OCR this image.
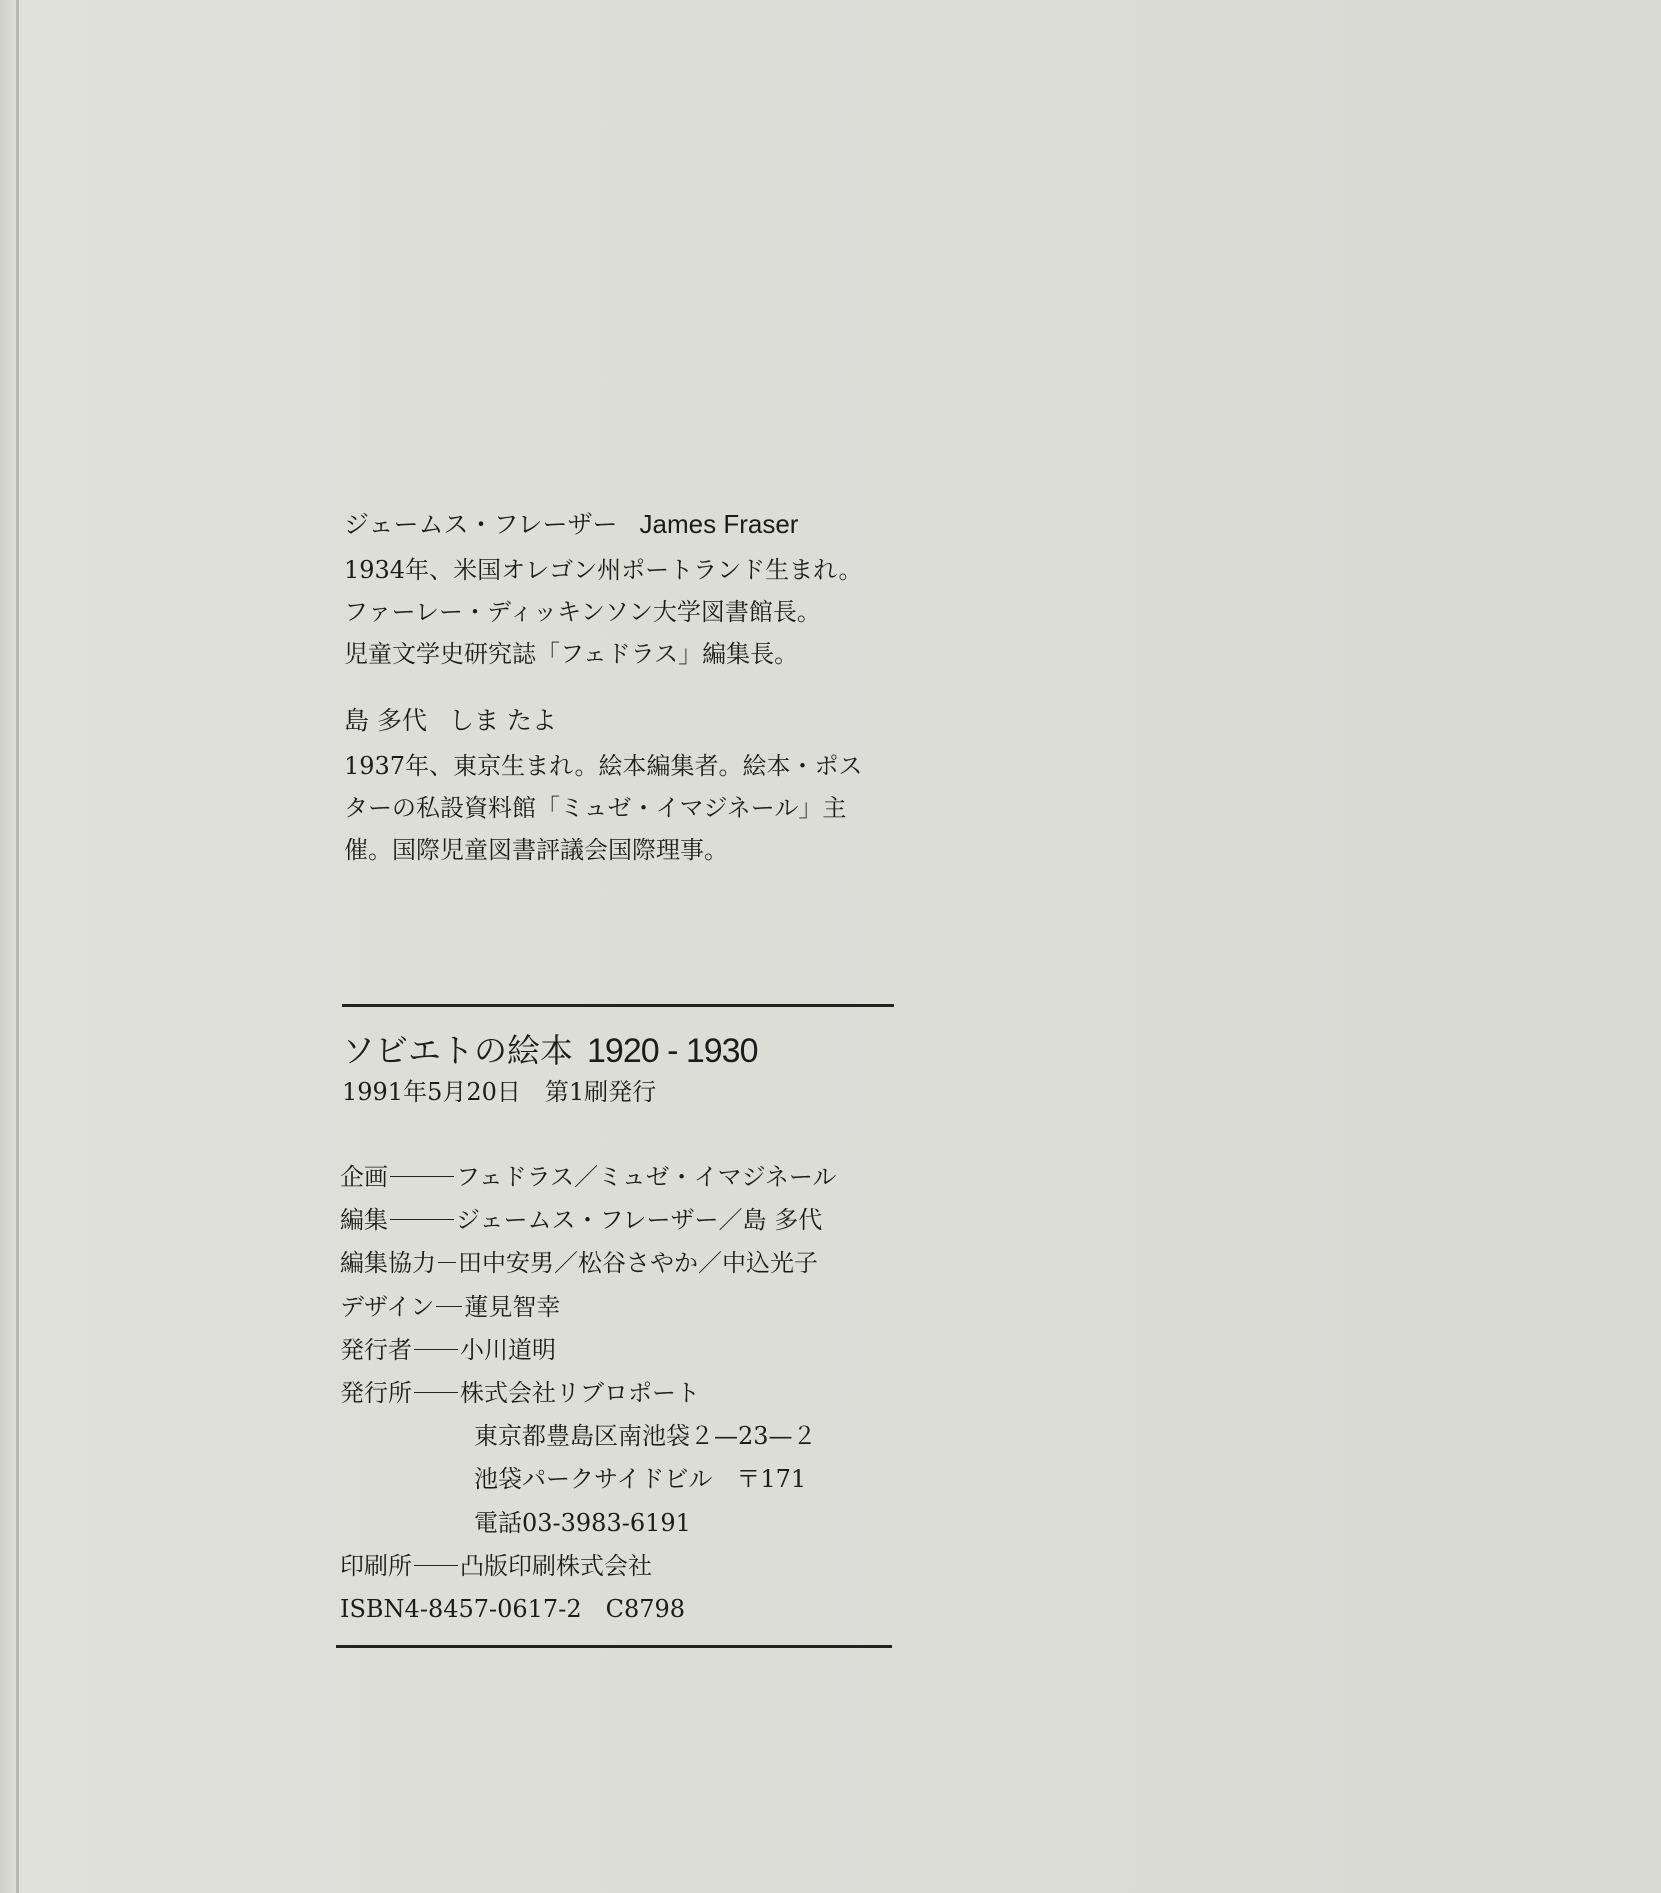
ジェームス・フレーザー James Fraser

1934年、米国オレゴン州ポートランド生まれ。

ファーレー・ディッキンソン大学図書館長。

児童文学史研究誌「フェドラス」編集長。

島 多代 しま たよ

1937年、東京生まれ。絵本編集者。絵本・ポス

ターの私設資料館「ミュゼ・イマジネール」主

催。国際児童図書評議会国際理事。

ソビエトの絵本 1920 - 1930

1991年5月20日　第1刷発行

企画	フェドラス／ミュゼ・イマジネール
編集	ジェームス・フレーザー／島 多代
編集協力 田中安男／松谷さやか／中込光子
デザイン 蓮見智幸
発行者 小川道明
発行所 株式会社リブロポート
東京都豊島区南池袋２—23—２
池袋パークサイドビル　〒171
電話03-3983-6191
印刷所 凸版印刷株式会社
ISBN4-8457-0617-2　C8798
